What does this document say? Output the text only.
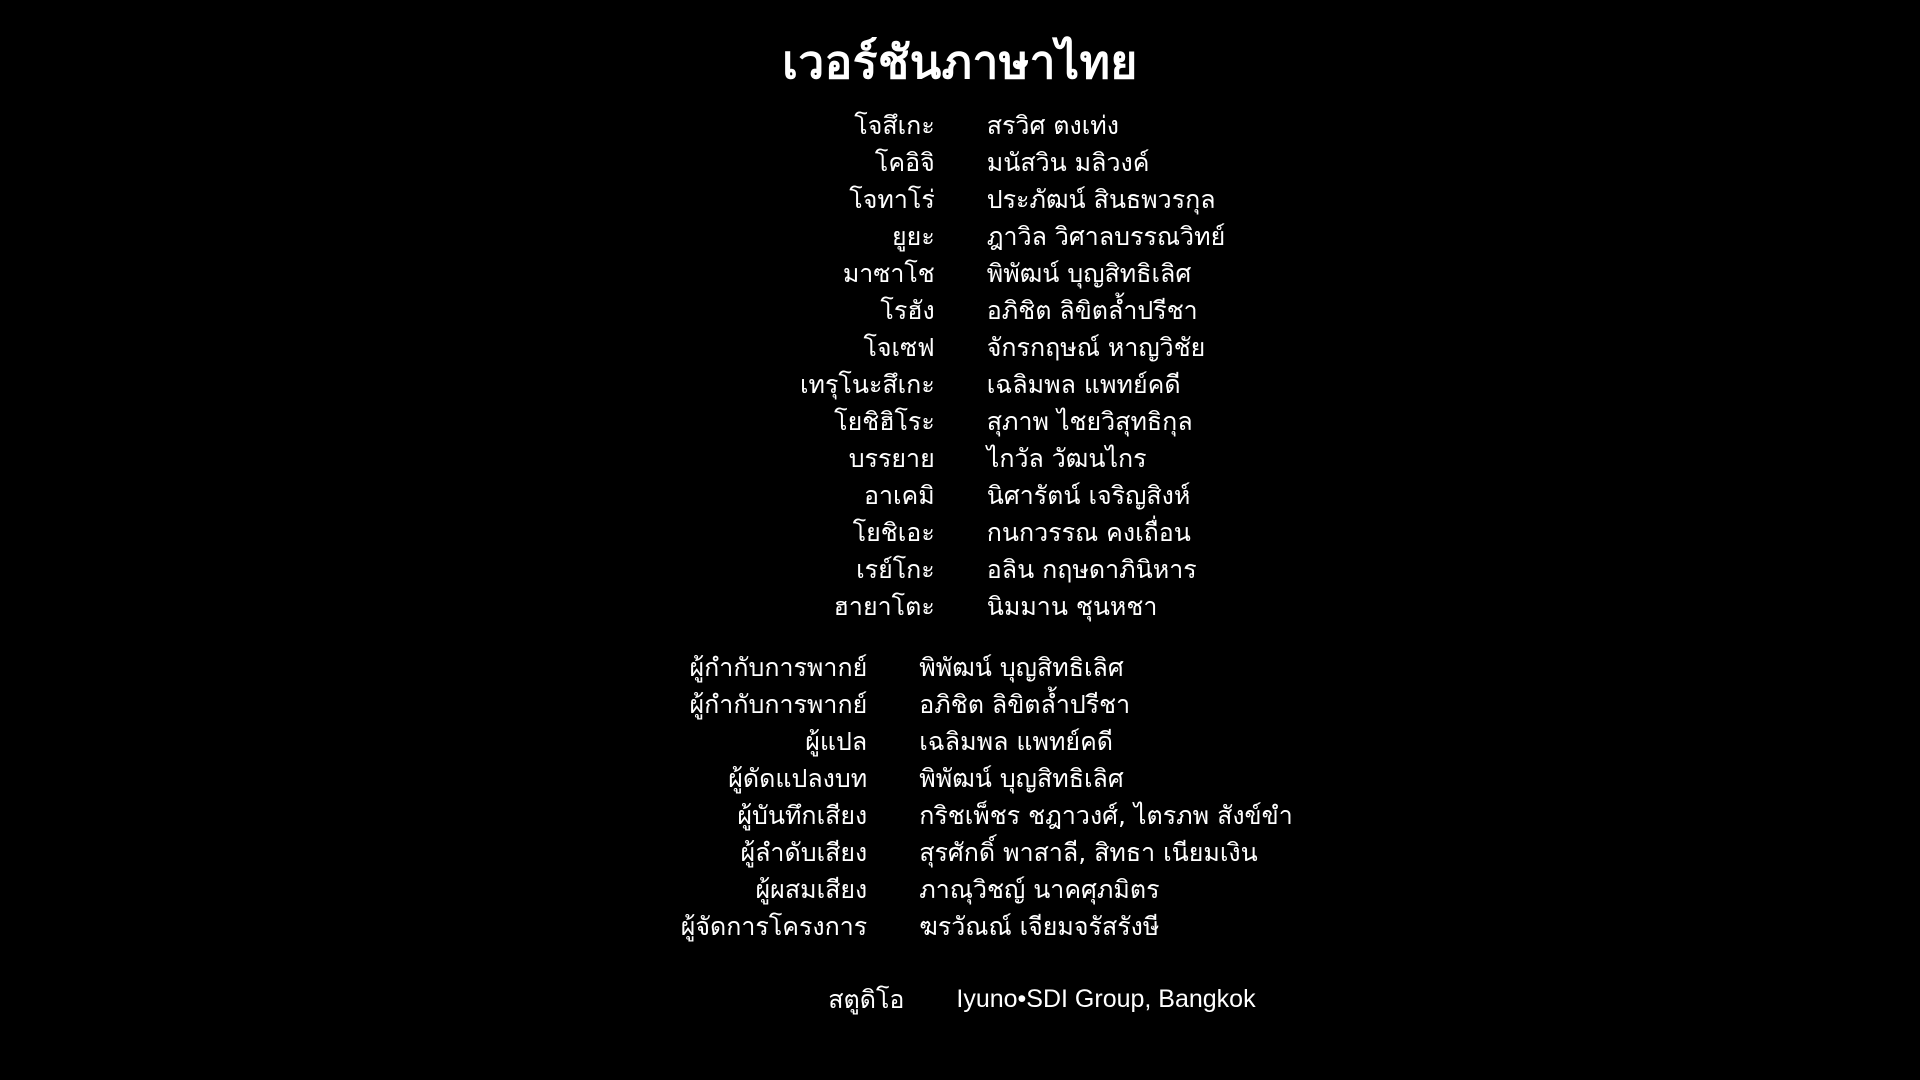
เวอร์ชันภาษาไทย
โจสึเกะ	สรวิศ ตงเท่ง
โคอิจิ	มนัสวิน มลิวงค์
โจทาโร่	ประภัฒน์ สินธพวรกุล
ยูยะ	ฎาวิล วิศาลบรรณวิทย์
มาซาโช	พิพัฒน์ บุญสิทธิเลิศ
โรฮัง	อภิชิต ลิขิตล้ำปรีชา
โจเซฟ	จักรกฤษณ์ หาญวิชัย
เทรุโนะสึเกะ	เฉลิมพล แพทย์คดี
โยชิฮิโระ	สุภาพ ไชยวิสุทธิกุล
บรรยาย	ไกวัล วัฒนไกร
อาเคมิ	นิศารัตน์ เจริญสิงห์
โยชิเอะ	กนกวรรณ คงเถื่อน
เรย์โกะ	อลิน กฤษดาภินิหาร
ฮายาโตะ	นิมมาน ชุนหชา
ผู้กำกับการพากย์	พิพัฒน์ บุญสิทธิเลิศ
ผู้กำกับการพากย์	อภิชิต ลิขิตล้ำปรีชา
ผู้แปล	เฉลิมพล แพทย์คดี
ผู้ดัดแปลงบท	พิพัฒน์ บุญสิทธิเลิศ
ผู้บันทึกเสียง	กริชเพ็ชร ชฎาวงศ์, ไตรภพ สังข์ขำ
ผู้ลำดับเสียง	สุรศักดิ์ พาสาลี, สิทธา เนียมเงิน
ผู้ผสมเสียง	ภาณุวิชญ์ นาคศุภมิตร
ผู้จัดการโครงการ	ฆรวัณณ์ เจียมจรัสรังษี
สตูดิโอ	Iyuno•SDI Group, Bangkok
